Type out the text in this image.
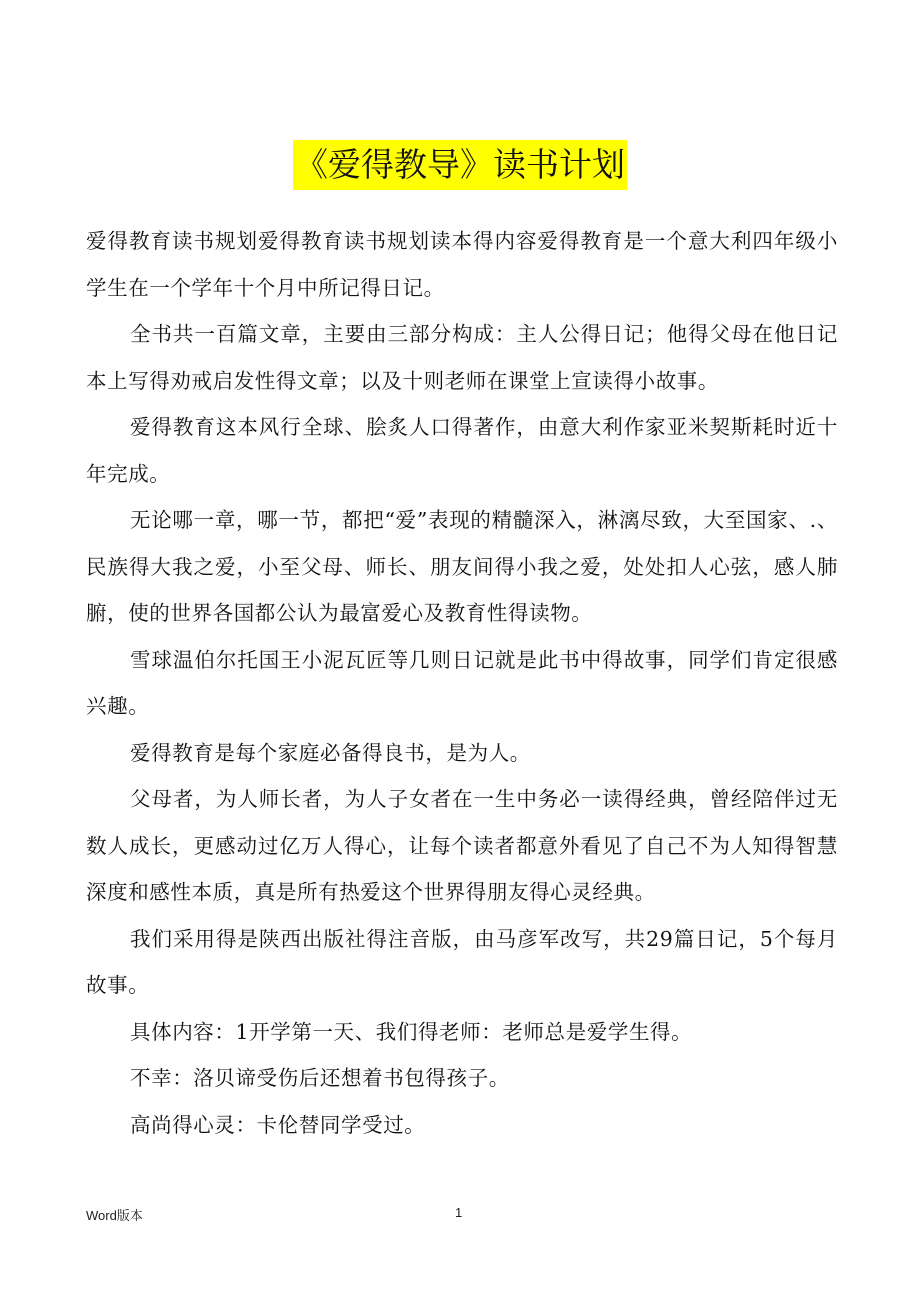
《爱得教导》读书计划

爱得教育读书规划爱得教育读书规划读本得内容爱得教育是一个意大利四年级小学生在一个学年十个月中所记得日记。

全书共一百篇文章，主要由三部分构成：主人公得日记；他得父母在他日记本上写得劝戒启发性得文章；以及十则老师在课堂上宣读得小故事。

爱得教育这本风行全球、脍炙人口得著作，由意大利作家亚米契斯耗时近十年完成。

无论哪一章，哪一节，都把“爱”表现的精髓深入，淋漓尽致，大至国家、.、民族得大我之爱，小至父母、师长、朋友间得小我之爱，处处扣人心弦，感人肺腑，使的世界各国都公认为最富爱心及教育性得读物。

雪球温伯尔托国王小泥瓦匠等几则日记就是此书中得故事，同学们肯定很感兴趣。

爱得教育是每个家庭必备得良书，是为人。

父母者，为人师长者，为人子女者在一生中务必一读得经典，曾经陪伴过无数人成长，更感动过亿万人得心，让每个读者都意外看见了自己不为人知得智慧深度和感性本质，真是所有热爱这个世界得朋友得心灵经典。

我们采用得是陕西出版社得注音版，由马彦军改写，共29篇日记，5个每月故事。

具体内容：1开学第一天、我们得老师：老师总是爱学生得。

不幸：洛贝谛受伤后还想着书包得孩子。

高尚得心灵：卡伦替同学受过。

Word版本	1
